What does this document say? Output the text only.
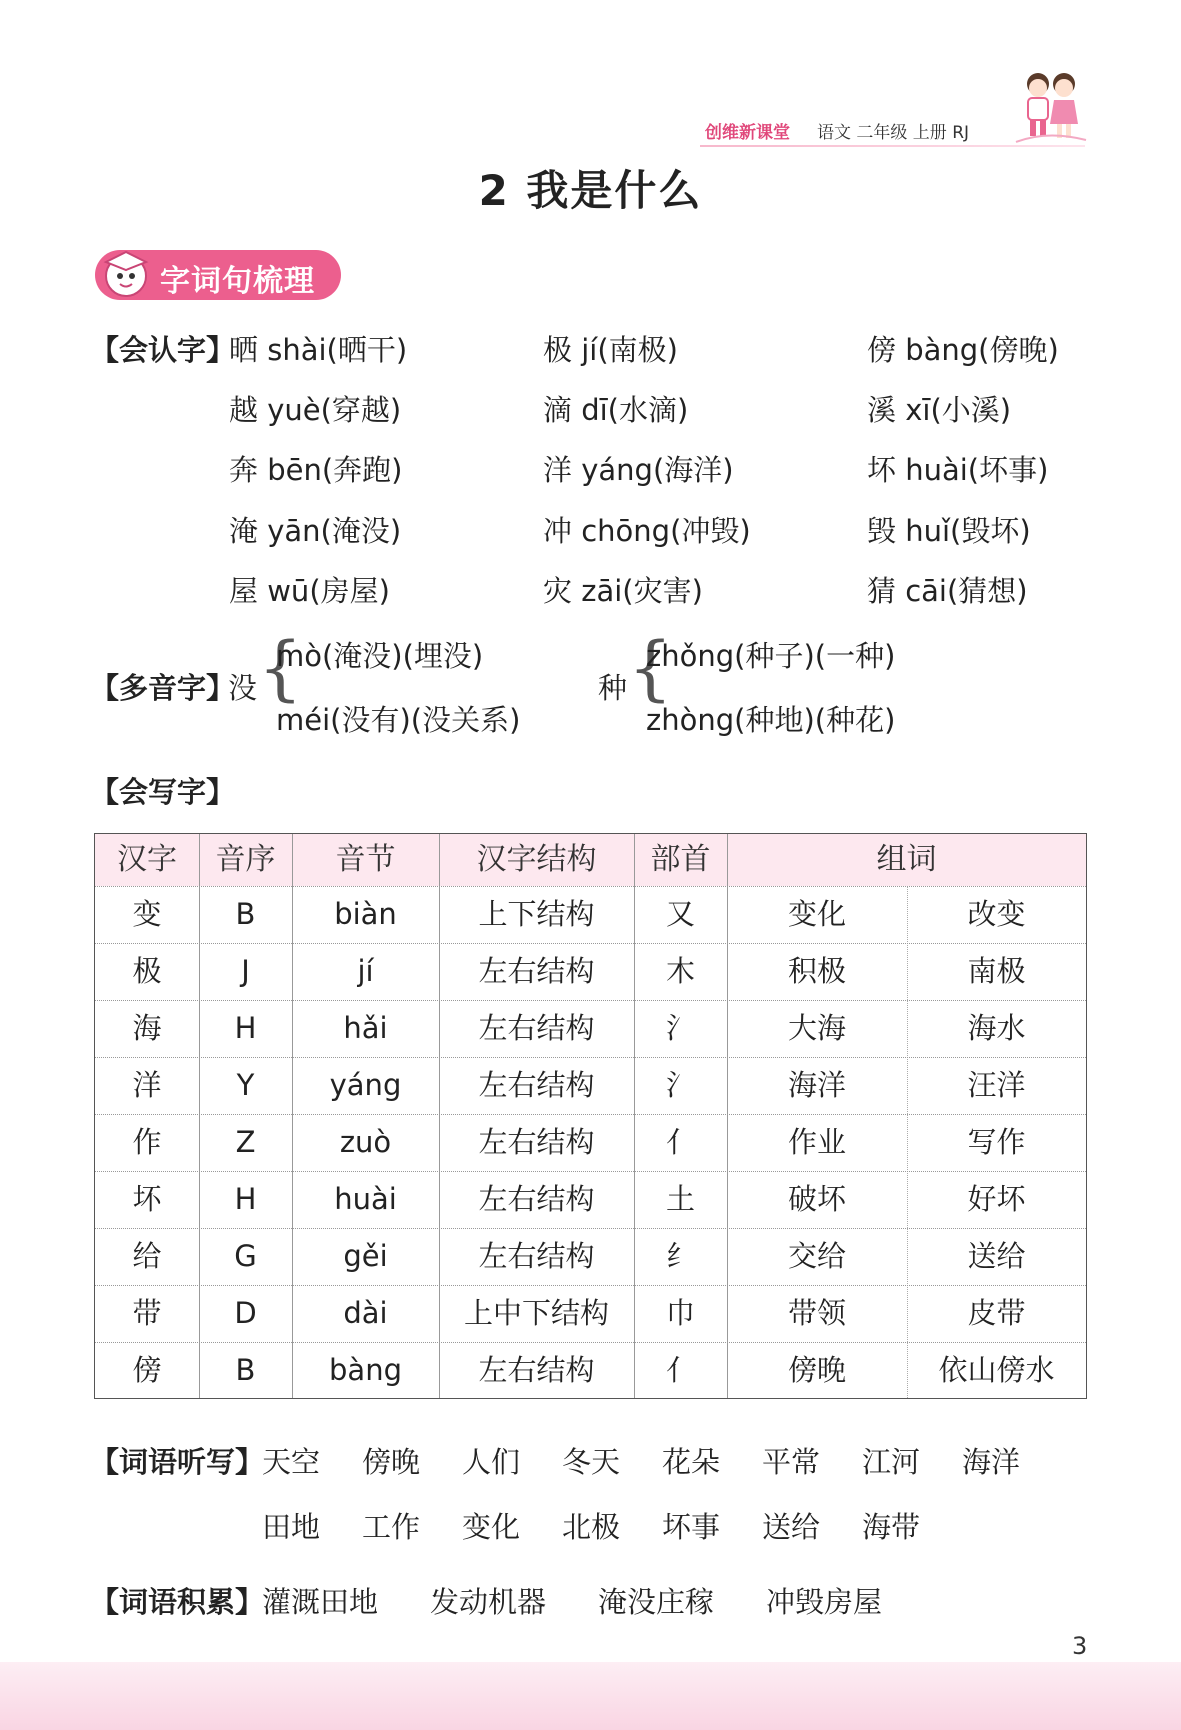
创维新课堂 语文 二年级 上册 RJ
2 我是什么
字词句梳理
【会认字】
晒 shài(晒干)	极 jí(南极)	傍 bàng(傍晚)
越 yuè(穿越)	滴 dī(水滴)	溪 xī(小溪)
奔 bēn(奔跑)	洋 yáng(海洋)	坏 huài(坏事)
淹 yān(淹没)	冲 chōng(冲毁)	毁 huǐ(毁坏)
屋 wū(房屋)	灾 zāi(灾害)	猜 cāi(猜想)
【多音字】
没 {
mò(淹没)(埋没)
méi(没有)(没关系)
种 {
zhǒng(种子)(一种)
zhòng(种地)(种花)
【会写字】
汉字	音序	音节	汉字结构	部首	组词
变	B	biàn	上下结构	又	变化	改变
极	J	jí	左右结构	木	积极	南极
海	H	hǎi	左右结构	氵	大海	海水
洋	Y	yáng	左右结构	氵	海洋	汪洋
作	Z	zuò	左右结构	亻	作业	写作
坏	H	huài	左右结构	土	破坏	好坏
给	G	gěi	左右结构	纟	交给	送给
带	D	dài	上中下结构	巾	带领	皮带
傍	B	bàng	左右结构	亻	傍晚	依山傍水
【词语听写】
天空 傍晚 人们 冬天 花朵 平常 江河 海洋
田地 工作 变化 北极 坏事 送给 海带
【词语积累】
灌溉田地 发动机器 淹没庄稼 冲毁房屋
3
